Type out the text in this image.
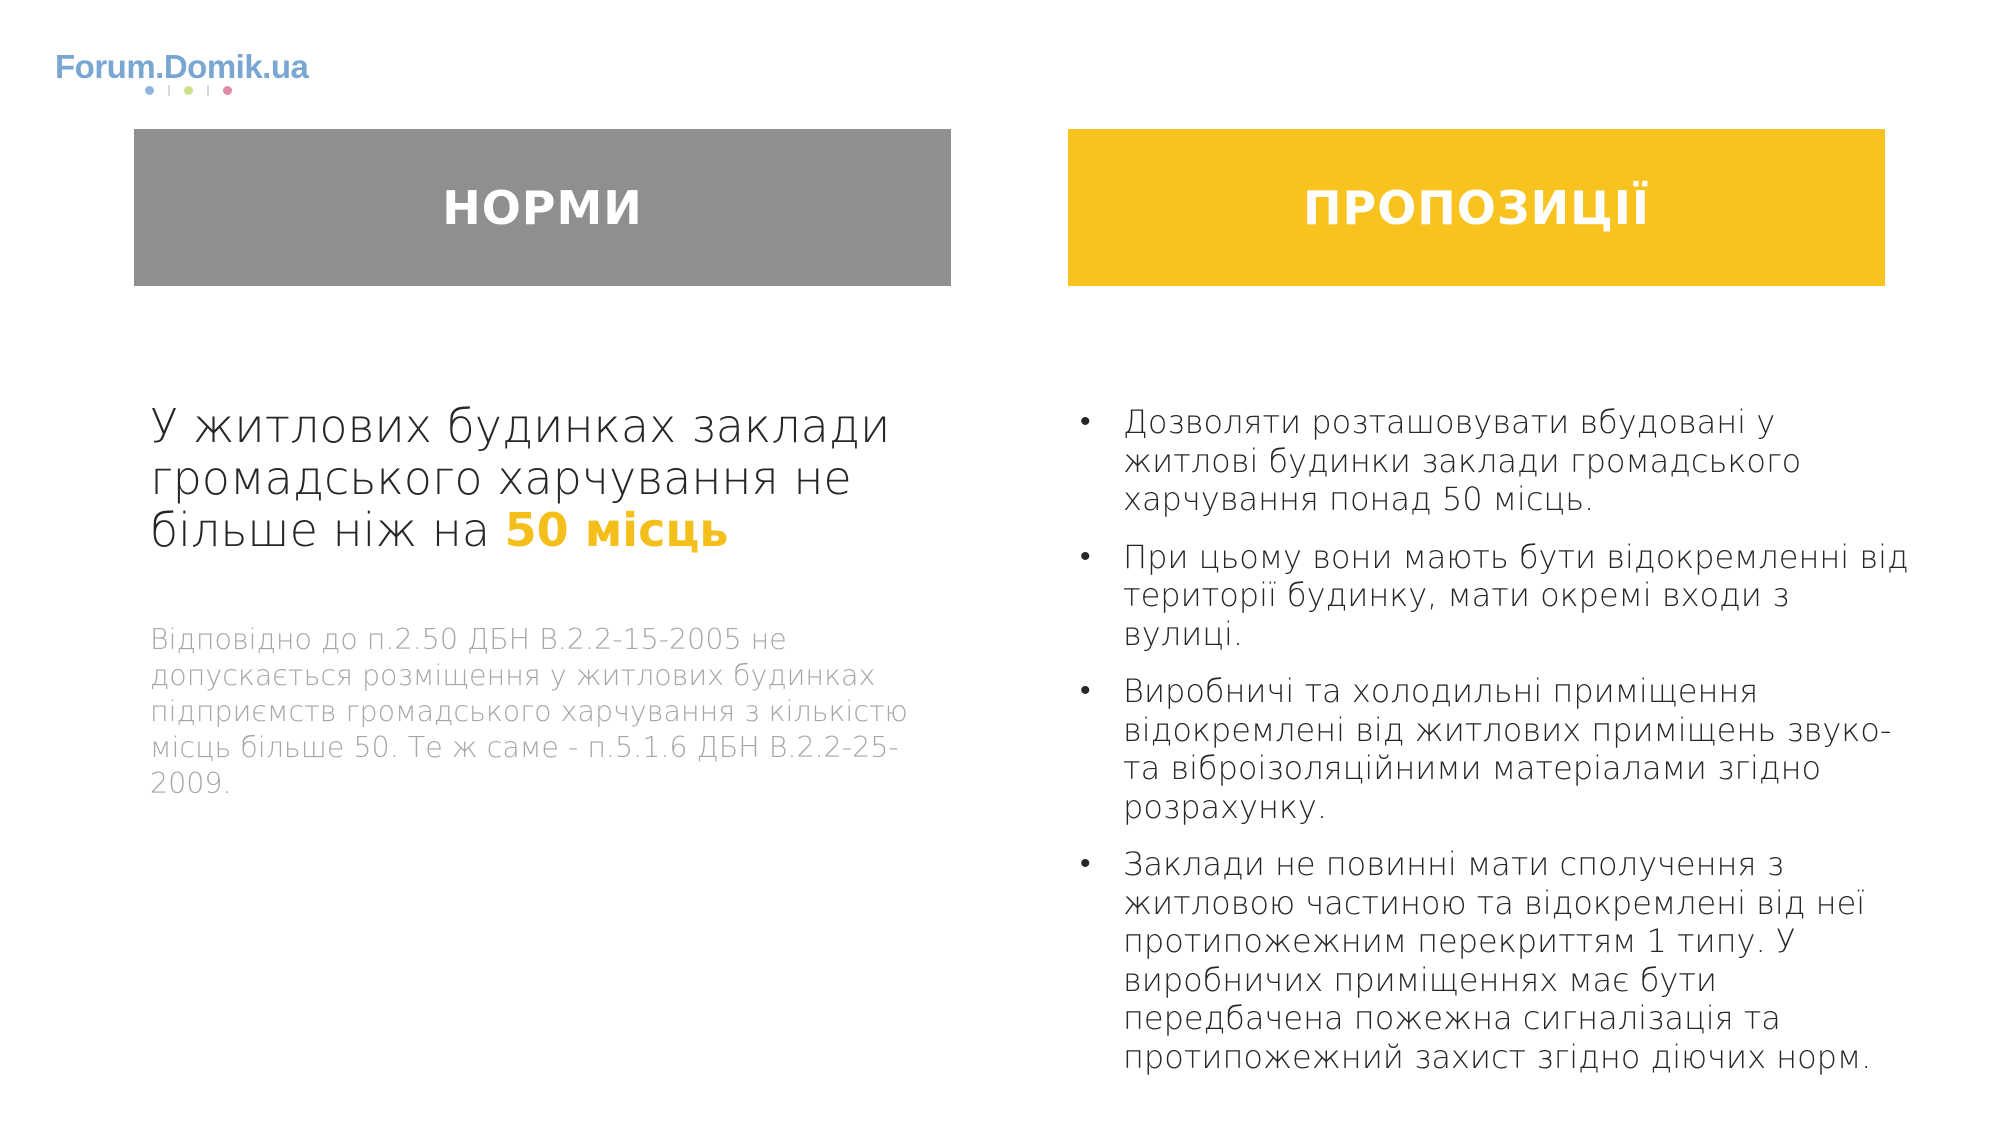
Forum.Domik.ua
НОРМИ	ПРОПОЗИЦІЇ
У житлових будинках заклади громадського харчування не більше ніж на 50 місць
Відповідно до п.2.50 ДБН В.2.2-15-2005 не допускається розміщення у житлових будинках підприємств громадського харчування з кількістю місць більше 50. Те ж саме - п.5.1.6 ДБН В.2.2-25-2009.
• Дозволяти розташовувати вбудовані у житлові будинки заклади громадського харчування понад 50 місць.
• При цьому вони мають бути відокремленні від території будинку, мати окремі входи з вулиці.
• Виробничі та холодильні приміщення відокремлені від житлових приміщень звуко- та віброізоляційними матеріалами згідно розрахунку.
• Заклади не повинні мати сполучення з житловою частиною та відокремлені від неї протипожежним перекриттям 1 типу. У виробничих приміщеннях має бути передбачена пожежна сигналізація та протипожежний захист згідно діючих норм.
